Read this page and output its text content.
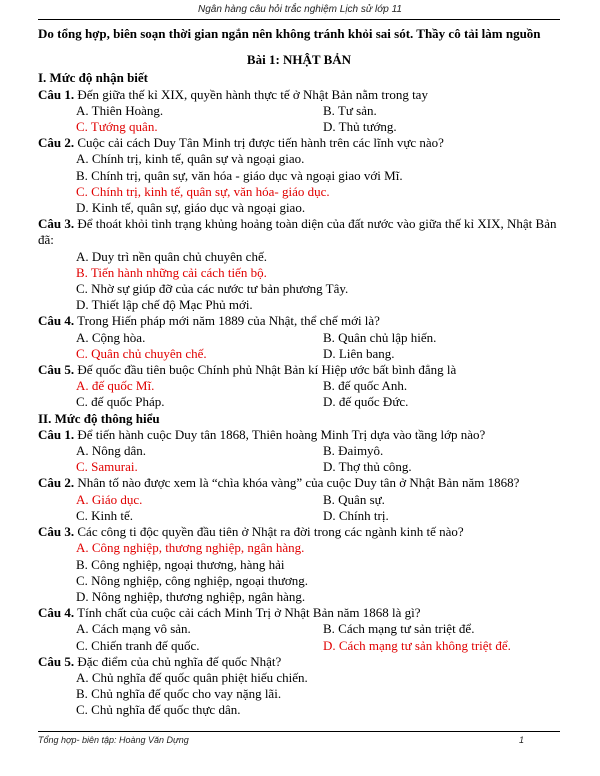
Ngân hàng câu hỏi trắc nghiệm Lịch sử lớp 11
Do tổng hợp, biên soạn thời gian ngắn nên không tránh khỏi sai sót. Thầy cô tải làm nguồn
Bài 1: NHẬT BẢN
I. Mức độ nhận biết
Câu 1. Đến giữa thế kỉ XIX, quyền hành thực tế ở Nhật Bản nằm trong tay
A. Thiên Hoàng.	B. Tư sản.
C. Tướng quân.	D. Thủ tướng.
Câu 2. Cuộc cải cách Duy Tân Minh trị được tiến hành trên các lĩnh vực nào?
A. Chính trị, kinh tế, quân sự và ngoại giao.
B. Chính trị, quân sự, văn hóa - giáo dục và ngoại giao với Mĩ.
C. Chính trị, kinh tế, quân sự, văn hóa- giáo dục.
D. Kinh tế, quân sự, giáo dục và ngoại giao.
Câu 3. Để thoát khỏi tình trạng khủng hoảng toàn diện của đất nước vào giữa thế kỉ XIX, Nhật Bản đã:
A. Duy trì nền quân chủ chuyên chế.
B. Tiến hành những cải cách tiến bộ.
C. Nhờ sự giúp đỡ của các nước tư bản phương Tây.
D. Thiết lập chế độ Mạc Phủ mới.
Câu 4. Trong Hiến pháp mới năm 1889 của Nhật, thể chế mới là?
A. Cộng hòa.	B. Quân chủ lập hiến.
C. Quân chủ chuyên chế.	D. Liên bang.
Câu 5. Đế quốc đầu tiên buộc Chính phủ Nhật Bản kí Hiệp ước bất bình đẳng là
A. đế quốc Mĩ.	B. đế quốc Anh.
C. đế quốc Pháp.	D. đế quốc Đức.
II. Mức độ thông hiểu
Câu 1. Để tiến hành cuộc Duy tân 1868, Thiên hoàng Minh Trị dựa vào tầng lớp nào?
A. Nông dân.	B. Đaimyô.
C. Samurai.	D. Thợ thủ công.
Câu 2. Nhân tố nào được xem là “chìa khóa vàng” của cuộc Duy tân ở Nhật Bản năm 1868?
A. Giáo dục.	B. Quân sự.
C. Kinh tế.	D. Chính trị.
Câu 3. Các công ti độc quyền đầu tiên ở Nhật ra đời trong các ngành kinh tế nào?
A. Công nghiệp, thương nghiệp, ngân hàng.
B. Công nghiệp, ngoại thương, hàng hải
C. Nông nghiệp, công nghiệp, ngoại thương.
D. Nông nghiệp, thương nghiệp, ngân hàng.
Câu 4. Tính chất của cuộc cải cách Minh Trị ở Nhật Bản năm 1868 là gì?
A. Cách mạng vô sản.	B. Cách mạng tư sản triệt để.
C. Chiến tranh đế quốc.	D. Cách mạng tư sản không triệt để.
Câu 5. Đặc điểm của chủ nghĩa đế quốc Nhật?
A. Chủ nghĩa đế quốc quân phiệt hiếu chiến.
B. Chủ nghĩa đế quốc cho vay nặng lãi.
C. Chủ nghĩa đế quốc thực dân.
Tổng hợp- biên tập: Hoàng Văn Dựng	1
